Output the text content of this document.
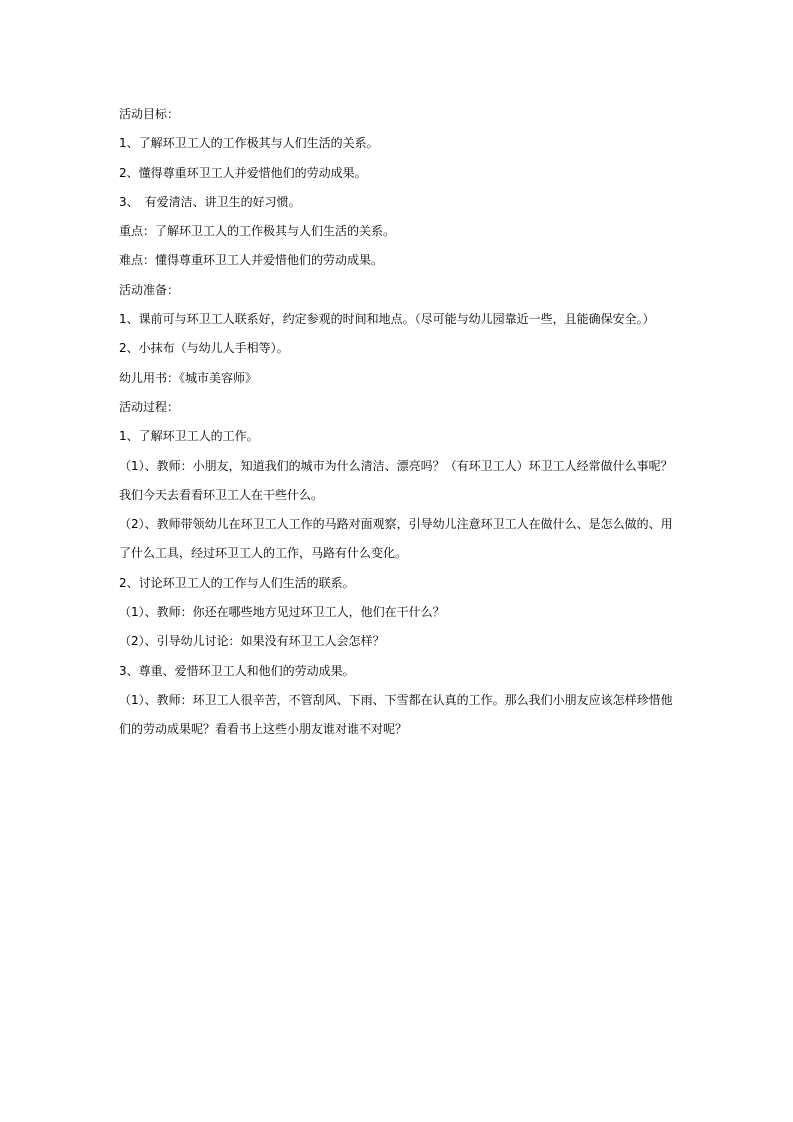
活动目标：
1、了解环卫工人的工作极其与人们生活的关系。
2、懂得尊重环卫工人并爱惜他们的劳动成果。
3、　有爱清洁、讲卫生的好习惯。
重点：了解环卫工人的工作极其与人们生活的关系。
难点：懂得尊重环卫工人并爱惜他们的劳动成果。
活动准备：
1、课前可与环卫工人联系好，约定参观的时间和地点。（尽可能与幼儿园靠近一些，且能确保安全。）
2、小抹布（与幼儿人手相等）。
幼儿用书：《城市美容师》
活动过程：
1、了解环卫工人的工作。
（1）、教师：小朋友，知道我们的城市为什么清洁、漂亮吗？（有环卫工人）环卫工人经常做什么事呢？
我们今天去看看环卫工人在干些什么。
（2）、教师带领幼儿在环卫工人工作的马路对面观察，引导幼儿注意环卫工人在做什么、是怎么做的、用
了什么工具，经过环卫工人的工作，马路有什么变化。
2、讨论环卫工人的工作与人们生活的联系。
（1）、教师：你还在哪些地方见过环卫工人，他们在干什么？
（2）、引导幼儿讨论：如果没有环卫工人会怎样？
3、尊重、爱惜环卫工人和他们的劳动成果。
（1）、教师：环卫工人很辛苦，不管刮风、下雨、下雪都在认真的工作。那么我们小朋友应该怎样珍惜他
们的劳动成果呢？看看书上这些小朋友谁对谁不对呢？
